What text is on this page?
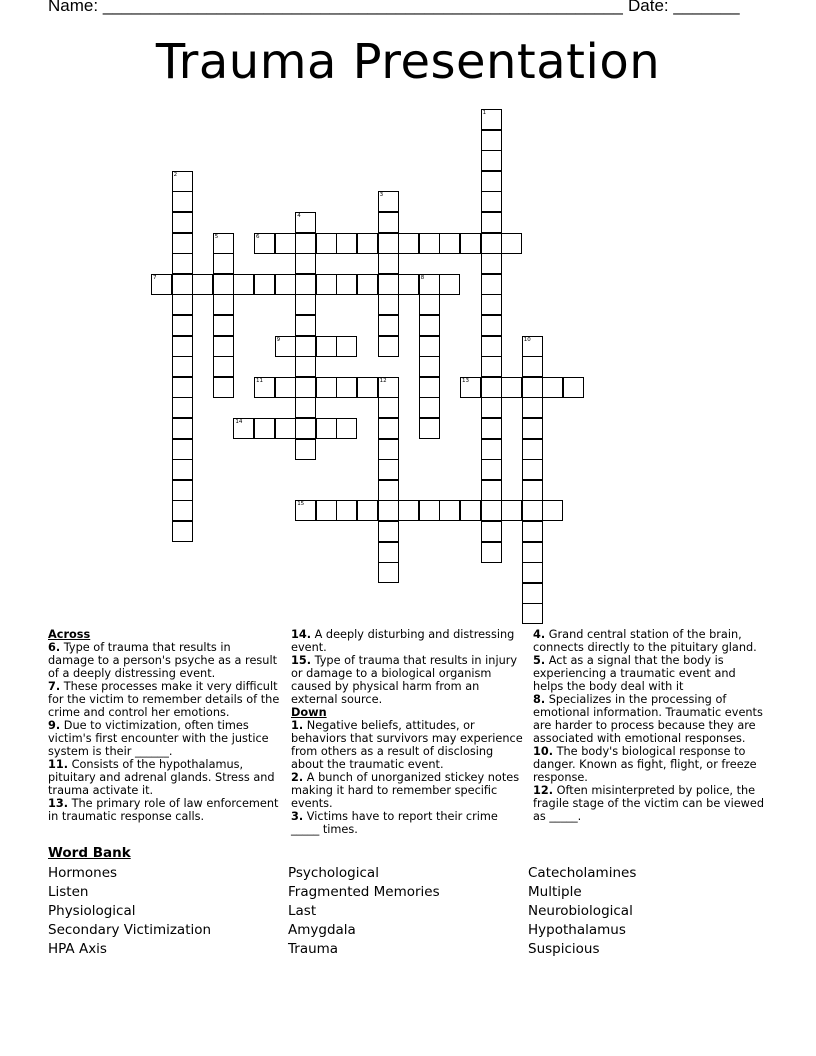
Name: _______________________________________________________ Date: _______
Trauma Presentation
1
2
3
4
5	6
7	8
9	10
11	12	13
14
15
Across
6. Type of trauma that results in damage to a person's psyche as a result of a deeply distressing event.
7. These processes make it very difficult for the victim to remember details of the crime and control her emotions.
9. Due to victimization, often times victim's first encounter with the justice system is their ______.
11. Consists of the hypothalamus, pituitary and adrenal glands. Stress and trauma activate it.
13. The primary role of law enforcement in traumatic response calls.
14. A deeply disturbing and distressing event.
15. Type of trauma that results in injury or damage to a biological organism caused by physical harm from an external source.
Down
1. Negative beliefs, attitudes, or behaviors that survivors may experience from others as a result of disclosing about the traumatic event.
2. A bunch of unorganized stickey notes making it hard to remember specific events.
3. Victims have to report their crime _____ times.
4. Grand central station of the brain, connects directly to the pituitary gland.
5. Act as a signal that the body is experiencing a traumatic event and helps the body deal with it
8. Specializes in the processing of emotional information. Traumatic events are harder to process because they are associated with emotional responses.
10. The body's biological response to danger. Known as fight, flight, or freeze response.
12. Often misinterpreted by police, the fragile stage of the victim can be viewed as _____.
Word Bank
Hormones
Listen
Physiological
Secondary Victimization
HPA Axis
Psychological
Fragmented Memories
Last
Amygdala
Trauma
Catecholamines
Multiple
Neurobiological
Hypothalamus
Suspicious
